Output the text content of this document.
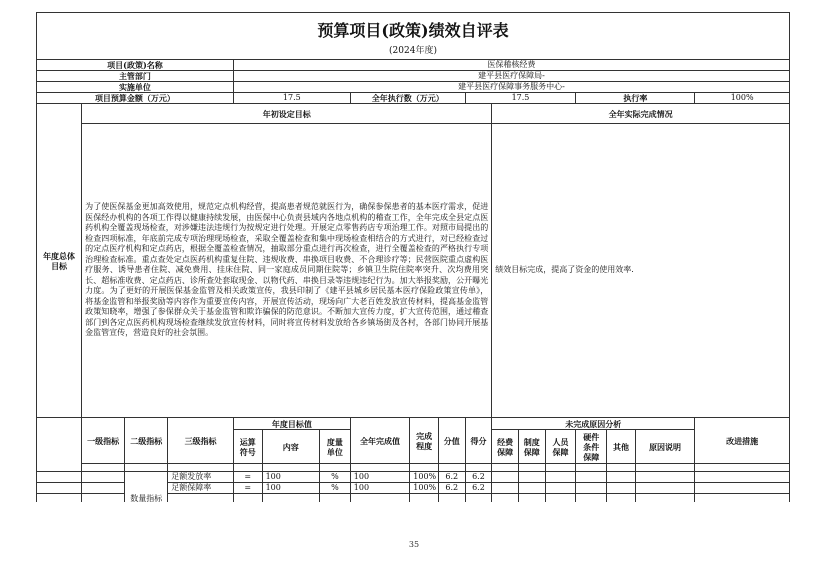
预算项目(政策)绩效自评表																	
(2024年度)																	
项目(政策)名称				医保稽核经费													
主管部门				建平县医疗保障局-													
实施单位				建平县医疗保障事务服务中心-													
项目预算金额（万元）				17.5			全年执行数（万元）			17.5				执行率			100%
年度总体目标	年初设定目标										全年实际完成情况						
	为了使医保基金更加高效使用，规范定点机构经营，提高患者规范就医行为，确保参保患者的基本医疗需求，促进医保经办机构的各项工作得以健康持续发展，由医保中心负责县域内各地点机构的稽查工作，全年完成全县定点医药机构全覆盖现场检查，对涉嫌违法违规行为按规定进行处理。开展定点零售药店专项治理工作。对照市局提出的检查四项标准，年底前完成专项治理现场检查，采取全覆盖检查和集中现场检查相结合的方式进行，对已经检查过的定点医疗机构和定点药店，根据全覆盖检查情况，抽取部分重点进行再次检查，进行全覆盖检查的严格执行专项治理检查标准。重点查处定点医药机构重复住院、违规收费、串换项目收费、不合理诊疗等；民营医院重点虚构医疗服务、诱导患者住院、减免费用、挂床住院、同一家庭成员同期住院等；乡镇卫生院住院率突升、次均费用突长、超标准收费、定点药店、诊所查处套取现金、以物代药、串换目录等违规违纪行为。加大举报奖励，公开曝光力度。为了更好的开展医保基金监管及相关政策宣传，我县印制了《建平县城乡居民基本医疗保险政策宣传单》，将基金监管和举报奖励等内容作为重要宣传内容，开展宣传活动，现场向广大老百姓发放宣传材料，提高基金监管政策知晓率，增强了参保群众关于基金监管和欺诈骗保的防范意识。不断加大宣传力度，扩大宣传范围，通过稽查部门到各定点医药机构现场检查继续发放宣传材料，同时将宣传材料发放给各乡镇场街及各村，各部门协同开展基金监管宣传，营造良好的社会氛围。										绩效目标完成，提高了资金的使用效率.						
	一级指标	二级指标	三级指标	年度目标值			全年完成值	完成程度	分值	得分	未完成原因分析						改进措施
				运算符号	内容	度量单位					经费保障	制度保障	人员保障	硬件条件保障	其他	原因说明	

		数量指标	足额发放率	=	100	%	100	100%	6.2	6.2							
			足额保障率	=	100	%	100	100%	6.2	6.2							

35
